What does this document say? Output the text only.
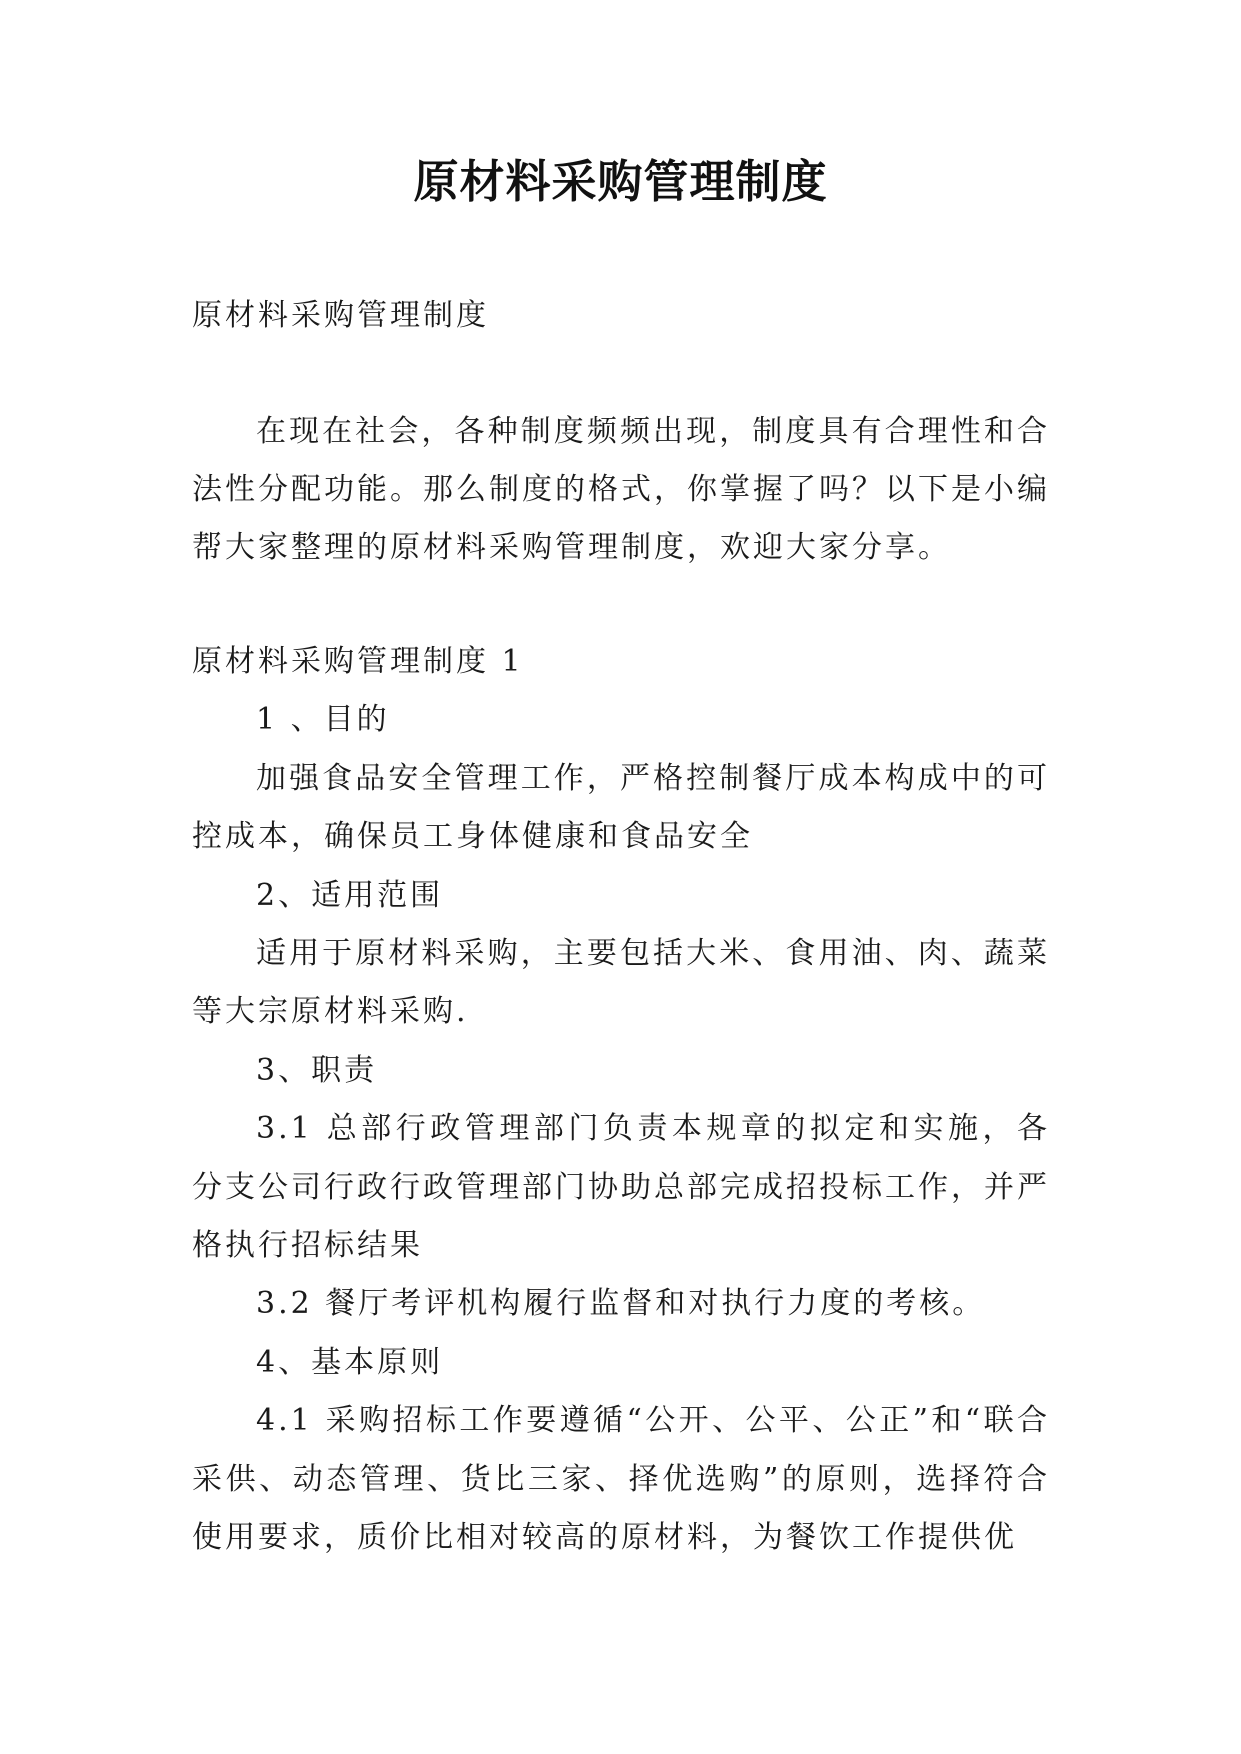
原材料采购管理制度

原材料采购管理制度

在现在社会，各种制度频频出现，制度具有合理性和合法性分配功能。那么制度的格式，你掌握了吗？以下是小编帮大家整理的原材料采购管理制度，欢迎大家分享。

原材料采购管理制度 1

1 、目的

加强食品安全管理工作，严格控制餐厅成本构成中的可控成本，确保员工身体健康和食品安全

2、适用范围

适用于原材料采购，主要包括大米、食用油、肉、蔬菜等大宗原材料采购.

3、职责

3.1 总部行政管理部门负责本规章的拟定和实施，各分支公司行政行政管理部门协助总部完成招投标工作，并严格执行招标结果

3.2 餐厅考评机构履行监督和对执行力度的考核。

4、基本原则

4.1 采购招标工作要遵循“公开、公平、公正”和“联合采供、动态管理、货比三家、择优选购”的原则，选择符合使用要求，质价比相对较高的原材料，为餐饮工作提供优
